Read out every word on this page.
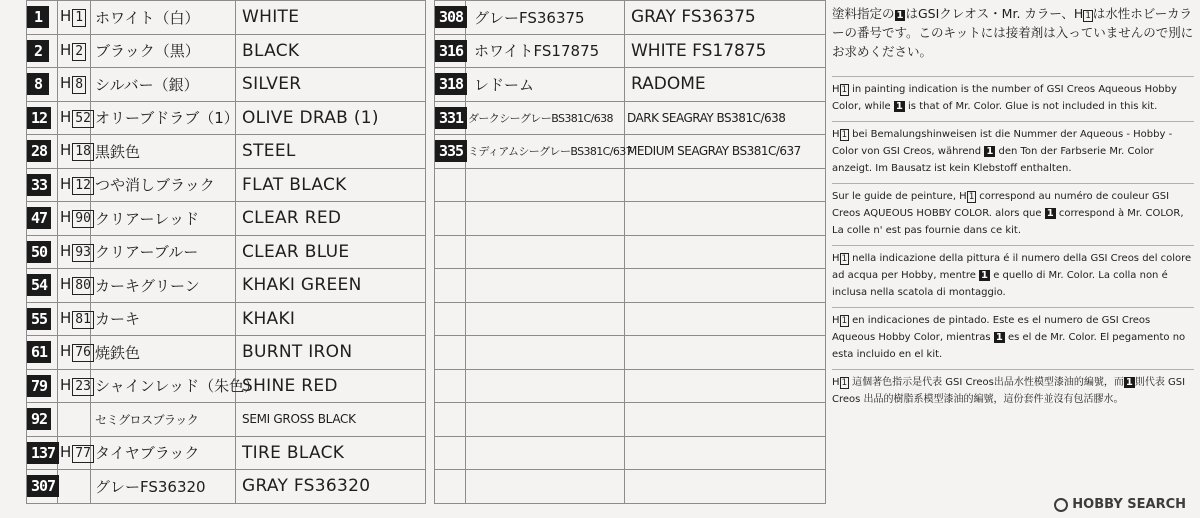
1	H 1	ホワイト（白）	WHITE
2	H 2	ブラック（黒）	BLACK
8	H 8	シルバー（銀）	SILVER
12	H 52	オリーブドラブ（1）	OLIVE DRAB (1)
28	H 18	黒鉄色	STEEL
33	H 12	つや消しブラック	FLAT BLACK
47	H 90	クリアーレッド	CLEAR RED
50	H 93	クリアーブルー	CLEAR BLUE
54	H 80	カーキグリーン	KHAKI GREEN
55	H 81	カーキ	KHAKI
61	H 76	焼鉄色	BURNT IRON
79	H 23	シャインレッド（朱色）	SHINE RED
92		セミグロスブラック	SEMI GROSS BLACK
137	H 77	タイヤブラック	TIRE BLACK
307		グレーFS36320	GRAY FS36320
308	グレーFS36375	GRAY FS36375
316	ホワイトFS17875	WHITE FS17875
318	レドーム	RADOME
331	ダークシーグレーBS381C/638	DARK SEAGRAY BS381C/638
335	ミディアムシーグレーBS381C/637	MEDIUM SEAGRAY BS381C/637

塗料指定の 1 はGSIクレオス・Mr. カラー、H 1 は水性ホビーカラーの番号です。このキットには接着剤は入っていませんので別にお求めください。

H 1 in painting indication is the number of GSI Creos Aqueous Hobby Color, while 1 is that of Mr. Color. Glue is not included in this kit.

H 1 bei Bemalungshinweisen ist die Nummer der Aqueous - Hobby - Color von GSI Creos, während 1 den Ton der Farbserie Mr. Color anzeigt. Im Bausatz ist kein Klebstoff enthalten.

Sur le guide de peinture, H 1 correspond au numéro de couleur GSI Creos AQUEOUS HOBBY COLOR. alors que 1 correspond à Mr. COLOR, La colle n' est pas fournie dans ce kit.

H 1 nella indicazione della pittura é il numero della GSI Creos del colore ad acqua per Hobby, mentre 1 e quello di Mr. Color. La colla non é inclusa nella scatola di montaggio.

H 1 en indicaciones de pintado. Este es el numero de GSI Creos Aqueous Hobby Color, mientras 1 es el de Mr. Color. El pegamento no esta incluido en el kit.

H 1 這個著色指示是代表 GSI Creos出品水性模型漆油的編號，而 1 則代表 GSI Creos 出品的樹脂系模型漆油的編號，這份套件並沒有包活膠水。

HOBBY SEARCH
